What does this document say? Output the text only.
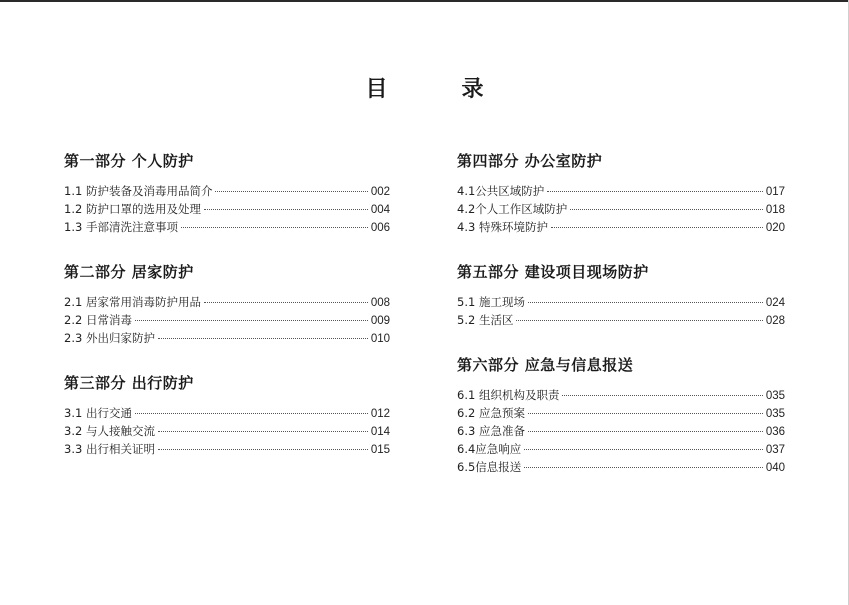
目　录
第一部分 个人防护
1.1 防护装备及消毒用品简介	002
1.2 防护口罩的选用及处理	004
1.3 手部清洗注意事项	006
第二部分 居家防护
2.1 居家常用消毒防护用品	008
2.2 日常消毒	009
2.3 外出归家防护	010
第三部分 出行防护
3.1 出行交通	012
3.2 与人接触交流	014
3.3 出行相关证明	015
第四部分 办公室防护
4.1公共区域防护	017
4.2个人工作区域防护	018
4.3 特殊环境防护	020
第五部分 建设项目现场防护
5.1 施工现场	024
5.2 生活区	028
第六部分 应急与信息报送
6.1 组织机构及职责	035
6.2 应急预案	035
6.3 应急准备	036
6.4应急响应	037
6.5信息报送	040
